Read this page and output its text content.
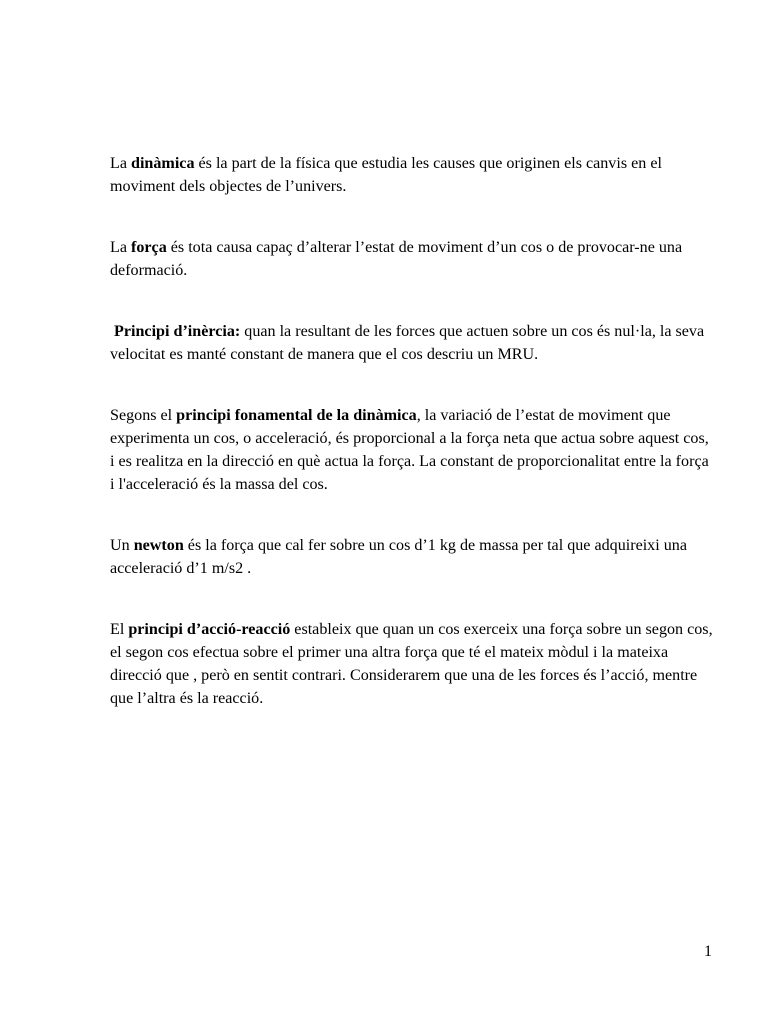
La dinàmica és la part de la física que estudia les causes que originen els canvis en el moviment dels objectes de l’univers.

La força és tota causa capaç d’alterar l’estat de moviment d’un cos o de provocar-ne una deformació.

Principi d’inèrcia: quan la resultant de les forces que actuen sobre un cos és nul·la, la seva velocitat es manté constant de manera que el cos descriu un MRU.

Segons el principi fonamental de la dinàmica, la variació de l’estat de moviment que experimenta un cos, o acceleració, és proporcional a la força neta que actua sobre aquest cos, i es realitza en la direcció en què actua la força. La constant de proporcionalitat entre la força i l'acceleració és la massa del cos.

Un newton és la força que cal fer sobre un cos d’1 kg de massa per tal que adquireixi una acceleració d’1 m/s2 .

El principi d’acció-reacció estableix que quan un cos exerceix una força sobre un segon cos, el segon cos efectua sobre el primer una altra força que té el mateix mòdul i la mateixa direcció que , però en sentit contrari. Considerarem que una de les forces és l’acció, mentre que l’altra és la reacció.

1
